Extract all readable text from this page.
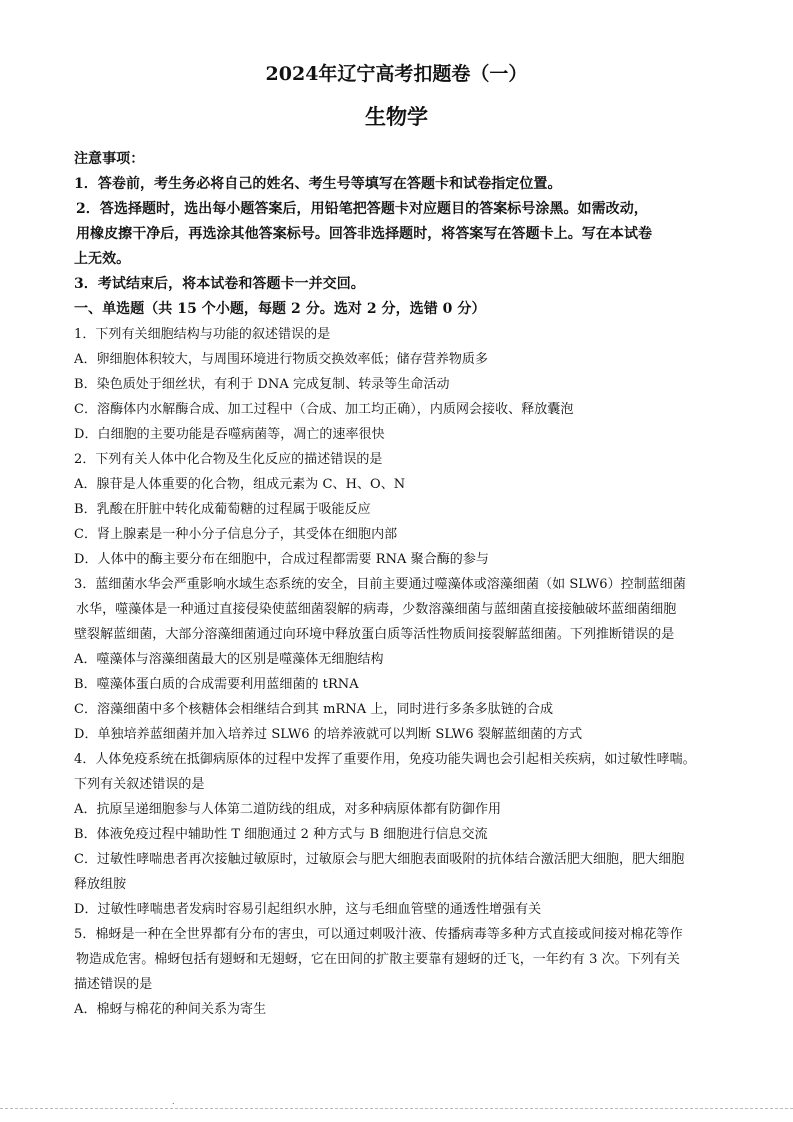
2024年辽宁高考扣题卷（一）
生物学
注意事项：
1．答卷前，考生务必将自己的姓名、考生号等填写在答题卡和试卷指定位置。
2．答选择题时，选出每小题答案后，用铅笔把答题卡对应题目的答案标号涂黑。如需改动，
用橡皮擦干净后，再选涂其他答案标号。回答非选择题时，将答案写在答题卡上。写在本试卷
上无效。
3．考试结束后，将本试卷和答题卡一并交回。
一、单选题（共 15 个小题，每题 2 分。选对 2 分，选错 0 分）
1．下列有关细胞结构与功能的叙述错误的是
A．卵细胞体积较大，与周围环境进行物质交换效率低；储存营养物质多
B．染色质处于细丝状，有利于 DNA 完成复制、转录等生命活动
C．溶酶体内水解酶合成、加工过程中（合成、加工均正确），内质网会接收、释放囊泡
D．白细胞的主要功能是吞噬病菌等，凋亡的速率很快
2．下列有关人体中化合物及生化反应的描述错误的是
A．腺苷是人体重要的化合物，组成元素为 C、H、O、N
B．乳酸在肝脏中转化成葡萄糖的过程属于吸能反应
C．肾上腺素是一种小分子信息分子，其受体在细胞内部
D．人体中的酶主要分布在细胞中，合成过程都需要 RNA 聚合酶的参与
3．蓝细菌水华会严重影响水域生态系统的安全，目前主要通过噬藻体或溶藻细菌（如 SLW6）控制蓝细菌
水华，噬藻体是一种通过直接侵染使蓝细菌裂解的病毒，少数溶藻细菌与蓝细菌直接接触破坏蓝细菌细胞
壁裂解蓝细菌，大部分溶藻细菌通过向环境中释放蛋白质等活性物质间接裂解蓝细菌。下列推断错误的是
A．噬藻体与溶藻细菌最大的区别是噬藻体无细胞结构
B．噬藻体蛋白质的合成需要利用蓝细菌的 tRNA
C．溶藻细菌中多个核糖体会相继结合到其 mRNA 上，同时进行多条多肽链的合成
D．单独培养蓝细菌并加入培养过 SLW6 的培养液就可以判断 SLW6 裂解蓝细菌的方式
4．人体免疫系统在抵御病原体的过程中发挥了重要作用，免疫功能失调也会引起相关疾病，如过敏性哮喘。
下列有关叙述错误的是
A．抗原呈递细胞参与人体第二道防线的组成，对多种病原体都有防御作用
B．体液免疫过程中辅助性 T 细胞通过 2 种方式与 B 细胞进行信息交流
C．过敏性哮喘患者再次接触过敏原时，过敏原会与肥大细胞表面吸附的抗体结合激活肥大细胞，肥大细胞
释放组胺
D．过敏性哮喘患者发病时容易引起组织水肿，这与毛细血管壁的通透性增强有关
5．棉蚜是一种在全世界都有分布的害虫，可以通过刺吸汁液、传播病毒等多种方式直接或间接对棉花等作
物造成危害。棉蚜包括有翅蚜和无翅蚜，它在田间的扩散主要靠有翅蚜的迁飞，一年约有 3 次。下列有关
描述错误的是
A．棉蚜与棉花的种间关系为寄生
.
